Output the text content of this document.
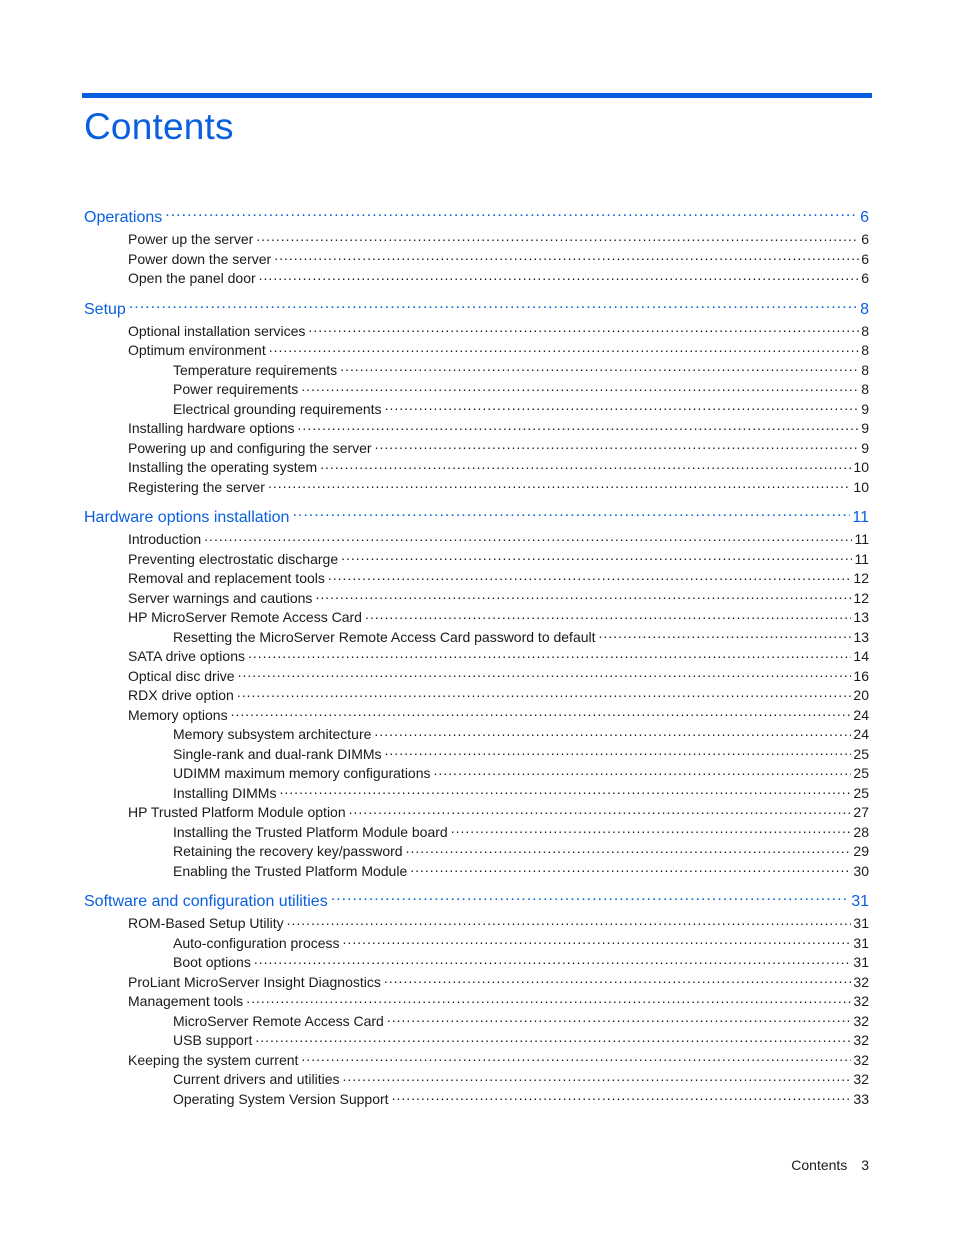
Contents
Operations .....	6
Power up the server .....	6
Power down the server .....	6
Open the panel door .....	6
Setup .....	8
Optional installation services .....	8
Optimum environment .....	8
Temperature requirements .....	8
Power requirements .....	8
Electrical grounding requirements .....	9
Installing hardware options .....	9
Powering up and configuring the server .....	9
Installing the operating system .....	10
Registering the server .....	10
Hardware options installation .....	11
Introduction .....	11
Preventing electrostatic discharge .....	11
Removal and replacement tools .....	12
Server warnings and cautions .....	12
HP MicroServer Remote Access Card .....	13
Resetting the MicroServer Remote Access Card password to default .....	13
SATA drive options .....	14
Optical disc drive .....	16
RDX drive option .....	20
Memory options .....	24
Memory subsystem architecture .....	24
Single-rank and dual-rank DIMMs .....	25
UDIMM maximum memory configurations .....	25
Installing DIMMs .....	25
HP Trusted Platform Module option .....	27
Installing the Trusted Platform Module board .....	28
Retaining the recovery key/password .....	29
Enabling the Trusted Platform Module .....	30
Software and configuration utilities .....	31
ROM-Based Setup Utility .....	31
Auto-configuration process .....	31
Boot options .....	31
ProLiant MicroServer Insight Diagnostics .....	32
Management tools .....	32
MicroServer Remote Access Card .....	32
USB support .....	32
Keeping the system current .....	32
Current drivers and utilities .....	32
Operating System Version Support .....	33
Contents 3
